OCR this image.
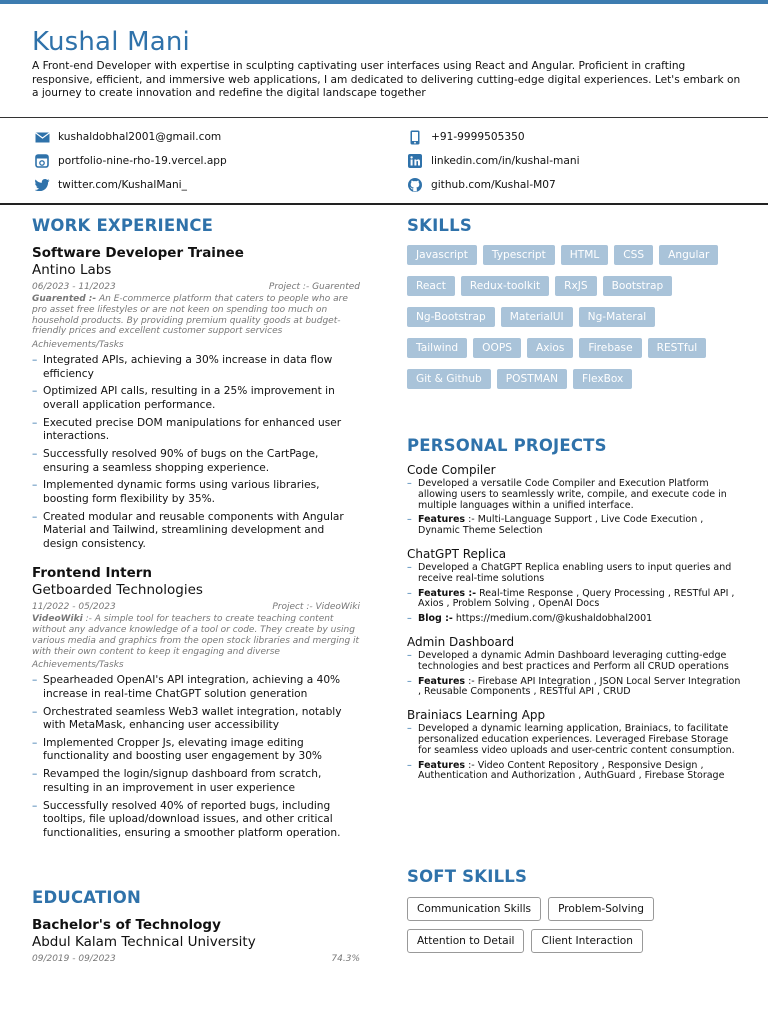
Kushal Mani
A Front-end Developer with expertise in sculpting captivating user interfaces using React and Angular. Proficient in crafting responsive, efficient, and immersive web applications, I am dedicated to delivering cutting-edge digital experiences. Let's embark on a journey to create innovation and redefine the digital landscape together
kushaldobhal2001@gmail.com	+91-9999505350
portfolio-nine-rho-19.vercel.app	linkedin.com/in/kushal-mani
twitter.com/KushalMani_	github.com/Kushal-M07
WORK EXPERIENCE
Software Developer Trainee
Antino Labs
06/2023 - 11/2023	Project :- Guarented
Guarented :- An E-commerce platform that caters to people who are pro asset free lifestyles or are not keen on spending too much on household products. By providing premium quality goods at budget-friendly prices and excellent customer support services
Achievements/Tasks
– Integrated APIs, achieving a 30% increase in data flow efficiency
– Optimized API calls, resulting in a 25% improvement in overall application performance.
– Executed precise DOM manipulations for enhanced user interactions.
– Successfully resolved 90% of bugs on the CartPage, ensuring a seamless shopping experience.
– Implemented dynamic forms using various libraries, boosting form flexibility by 35%.
– Created modular and reusable components with Angular Material and Tailwind, streamlining development and design consistency.
Frontend Intern
Getboarded Technologies
11/2022 - 05/2023	Project :- VideoWiki
VideoWiki :- A simple tool for teachers to create teaching content without any advance knowledge of a tool or code. They create by using various media and graphics from the open stock libraries and merging it with their own content to keep it engaging and diverse
Achievements/Tasks
– Spearheaded OpenAI's API integration, achieving a 40% increase in real-time ChatGPT solution generation
– Orchestrated seamless Web3 wallet integration, notably with MetaMask, enhancing user accessibility
– Implemented Cropper Js, elevating image editing functionality and boosting user engagement by 30%
– Revamped the login/signup dashboard from scratch, resulting in an improvement in user experience
– Successfully resolved 40% of reported bugs, including tooltips, file upload/download issues, and other critical functionalities, ensuring a smoother platform operation.
EDUCATION
Bachelor's of Technology
Abdul Kalam Technical University
09/2019 - 09/2023	74.3%
SKILLS
Javascript	Typescript	HTML	CSS	Angular
React	Redux-toolkit	RxJS	Bootstrap
Ng-Bootstrap	MaterialUI	Ng-Materal
Tailwind	OOPS	Axios	Firebase	RESTful
Git & Github	POSTMAN	FlexBox
PERSONAL PROJECTS
Code Compiler
– Developed a versatile Code Compiler and Execution Platform allowing users to seamlessly write, compile, and execute code in multiple languages within a unified interface.
– Features :- Multi-Language Support , Live Code Execution , Dynamic Theme Selection
ChatGPT Replica
– Developed a ChatGPT Replica enabling users to input queries and receive real-time solutions
– Features :- Real-time Response , Query Processing , RESTful API , Axios , Problem Solving , OpenAI Docs
– Blog :- https://medium.com/@kushaldobhal2001
Admin Dashboard
– Developed a dynamic Admin Dashboard leveraging cutting-edge technologies and best practices and Perform all CRUD operations
– Features :- Firebase API Integration , JSON Local Server Integration , Reusable Components , RESTful API , CRUD
Brainiacs Learning App
– Developed a dynamic learning application, Brainiacs, to facilitate personalized education experiences. Leveraged Firebase Storage for seamless video uploads and user-centric content consumption.
– Features :- Video Content Repository , Responsive Design , Authentication and Authorization , AuthGuard , Firebase Storage
SOFT SKILLS
Communication Skills	Problem-Solving
Attention to Detail	Client Interaction
